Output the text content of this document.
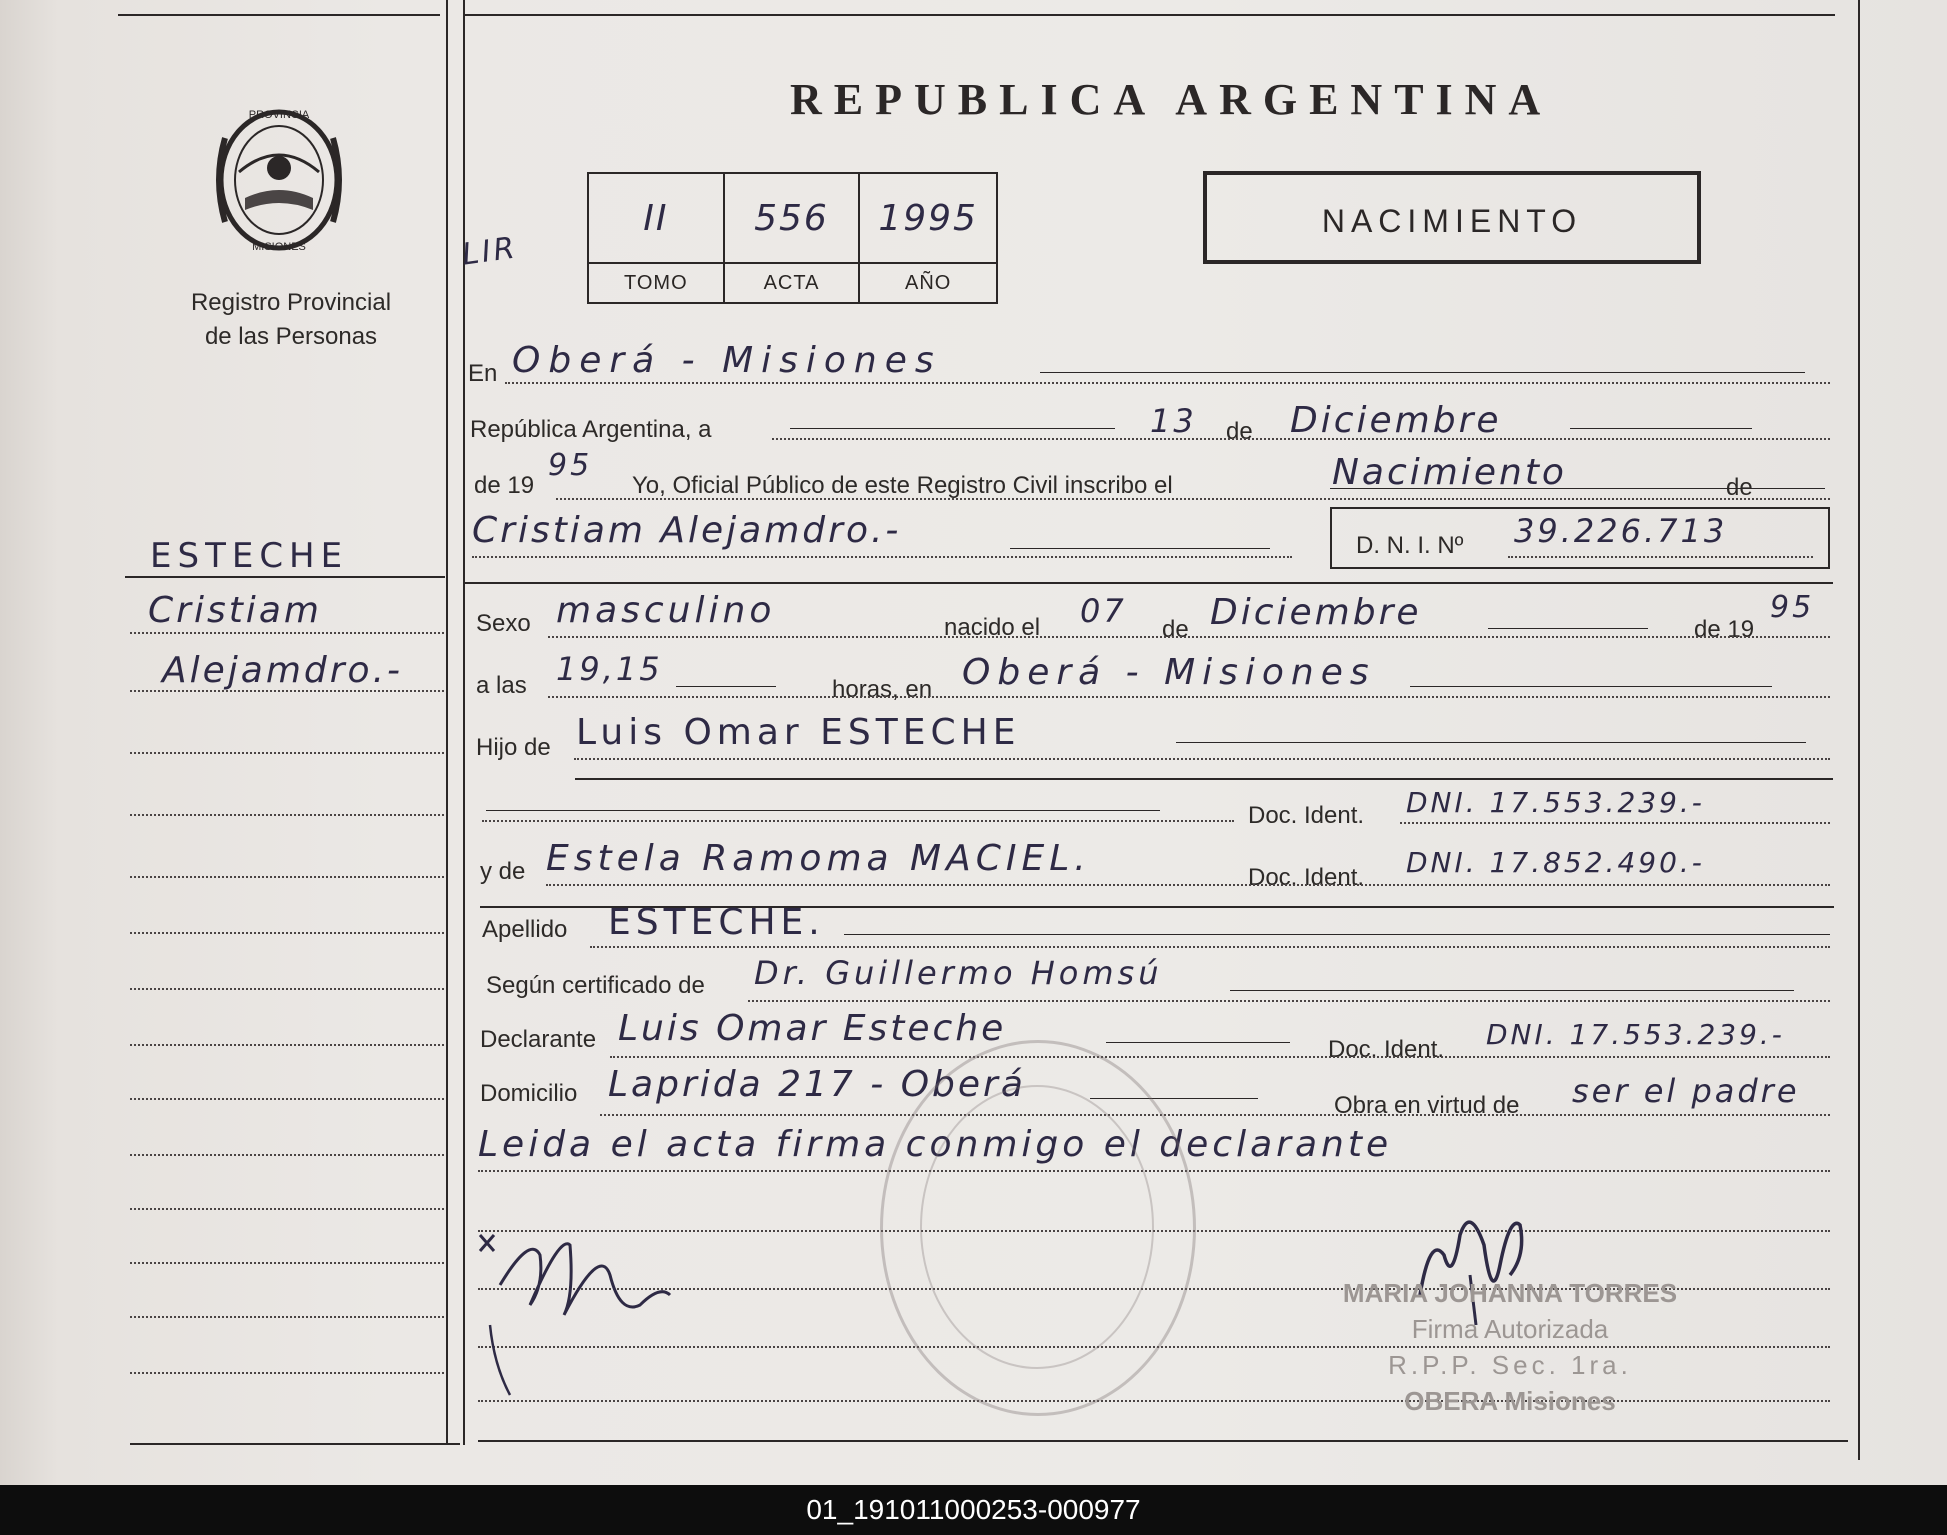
PROVINCIA
MISIONES
Registro Provincial
de las Personas
REPUBLICA ARGENTINA
LIR
II	556	1995
TOMO	ACTA	AÑO
NACIMIENTO
ESTECHE
Cristiam
Alejamdro.-
En Oberá - Misiones
República Argentina, a	13 de Diciembre
de 19
95
Yo, Oficial Público de este Registro Civil inscribo el	Nacimiento	de
Cristiam Alejamdro.-	D. N. I. Nº 39.226.713
Sexo masculino	nacido el 07 de Diciembre	de 19
95
a las 19,15
horas, en Oberá - Misiones
Hijo de Luis Omar ESTECHE
Doc. Ident. DNI. 17.553.239.-
y de Estela Ramoma MACIEL.	Doc. Ident. DNI. 17.852.490.-
Apellido ESTECHE.
Según certificado de Dr. Guillermo Homsú
Declarante Luis Omar Esteche
Doc. Ident. DNI. 17.553.239.-
Domicilio Laprida 217 - Oberá
Obra en virtud de ser el padre
Leida el acta firma conmigo el declarante
MARIA JOHANNA TORRES
Firma Autorizada
R.P.P. Sec. 1ra.
OBERA Misiones
01_191011000253-000977
